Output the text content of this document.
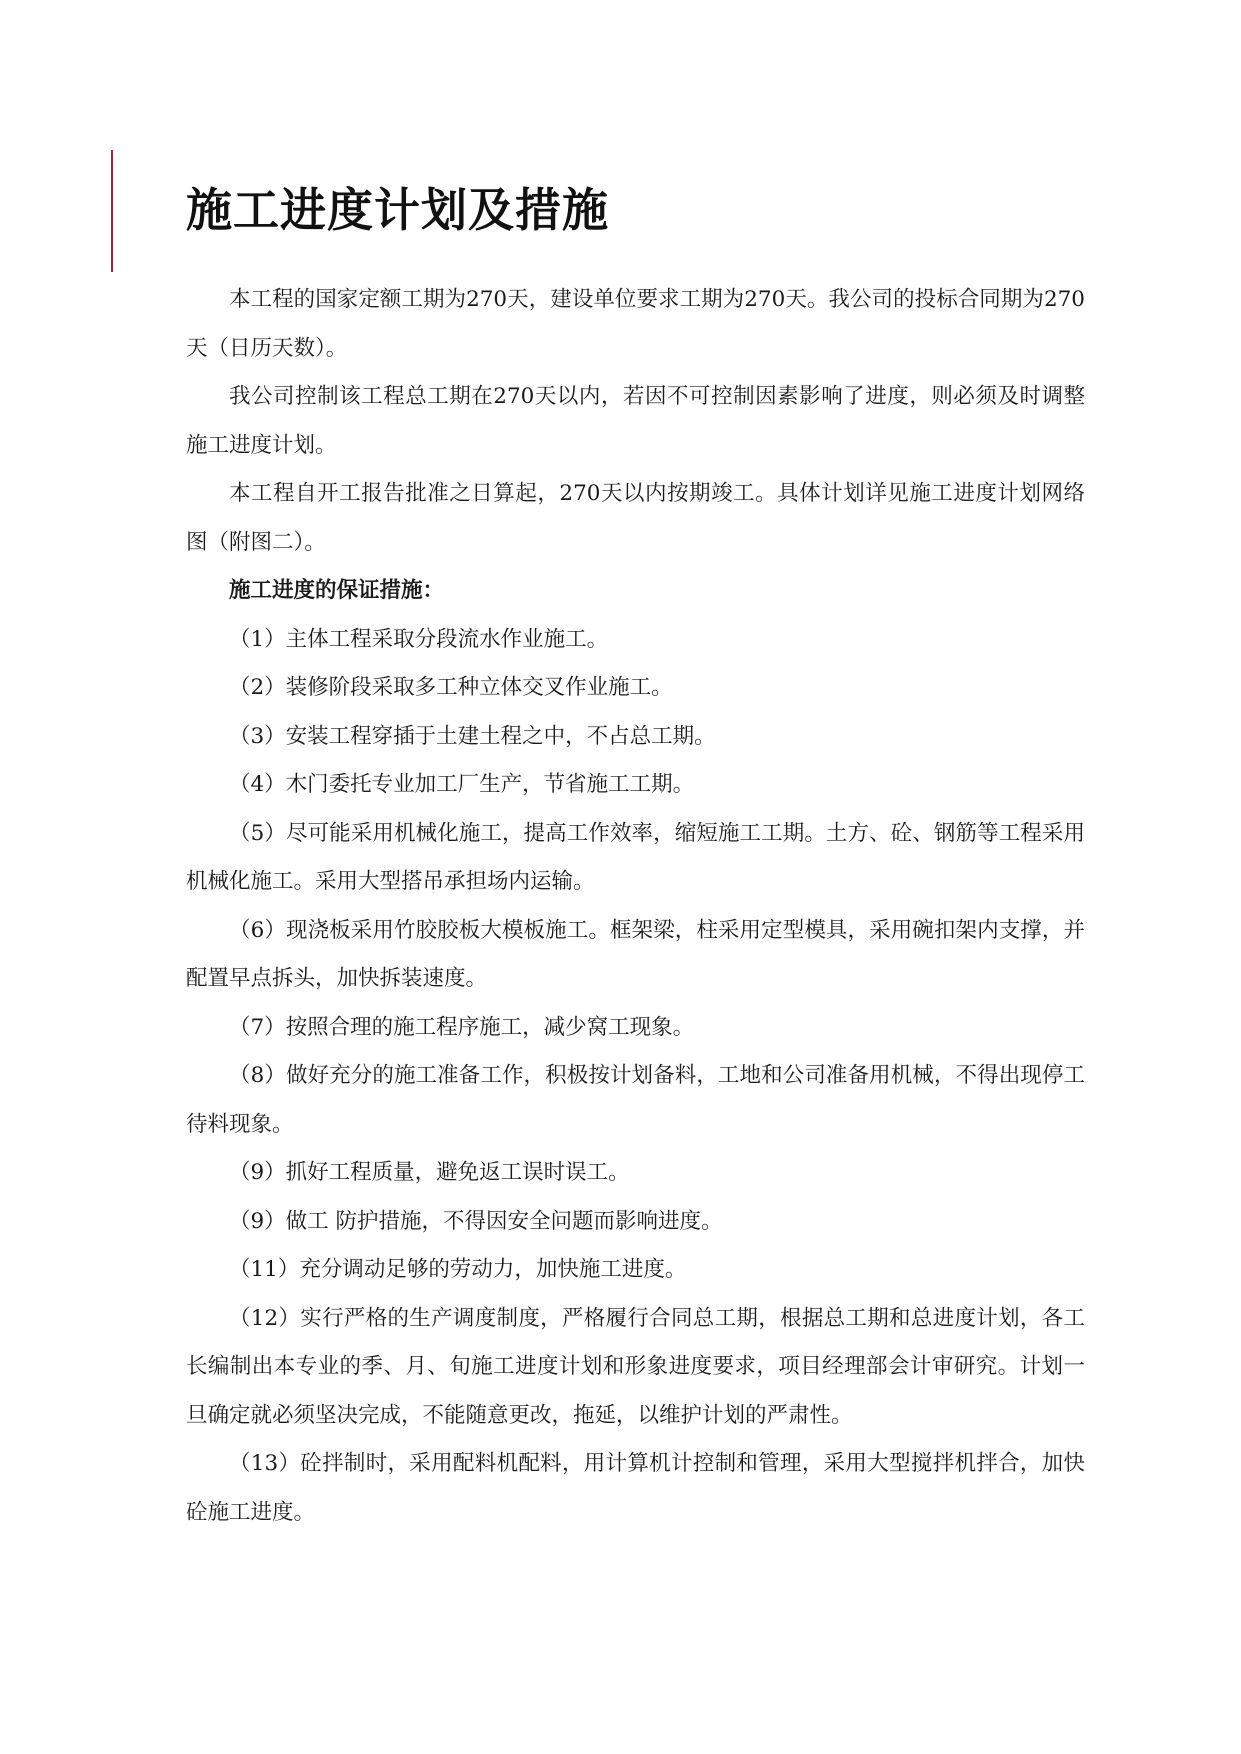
施工进度计划及措施

本工程的国家定额工期为270天，建设单位要求工期为270天。我公司的投标合同期为270天（日历天数）。

我公司控制该工程总工期在270天以内，若因不可控制因素影响了进度，则必须及时调整施工进度计划。

本工程自开工报告批准之日算起，270天以内按期竣工。具体计划详见施工进度计划网络图（附图二）。

施工进度的保证措施：

（1）主体工程采取分段流水作业施工。

（2）装修阶段采取多工种立体交叉作业施工。

（3）安装工程穿插于土建土程之中，不占总工期。

（4）木门委托专业加工厂生产，节省施工工期。

（5）尽可能采用机械化施工，提高工作效率，缩短施工工期。土方、砼、钢筋等工程采用机械化施工。采用大型搭吊承担场内运输。

（6）现浇板采用竹胶胶板大模板施工。框架梁，柱采用定型模具，采用碗扣架内支撑，并配置早点拆头，加快拆装速度。

（7）按照合理的施工程序施工，减少窝工现象。

（8）做好充分的施工准备工作，积极按计划备料，工地和公司准备用机械，不得出现停工待料现象。

（9）抓好工程质量，避免返工误时误工。

（9）做工 防护措施，不得因安全问题而影响进度。

（11）充分调动足够的劳动力，加快施工进度。

（12）实行严格的生产调度制度，严格履行合同总工期，根据总工期和总进度计划，各工长编制出本专业的季、月、旬施工进度计划和形象进度要求，项目经理部会计审研究。计划一旦确定就必须坚决完成，不能随意更改，拖延，以维护计划的严肃性。

（13）砼拌制时，采用配料机配料，用计算机计控制和管理，采用大型搅拌机拌合，加快砼施工进度。
